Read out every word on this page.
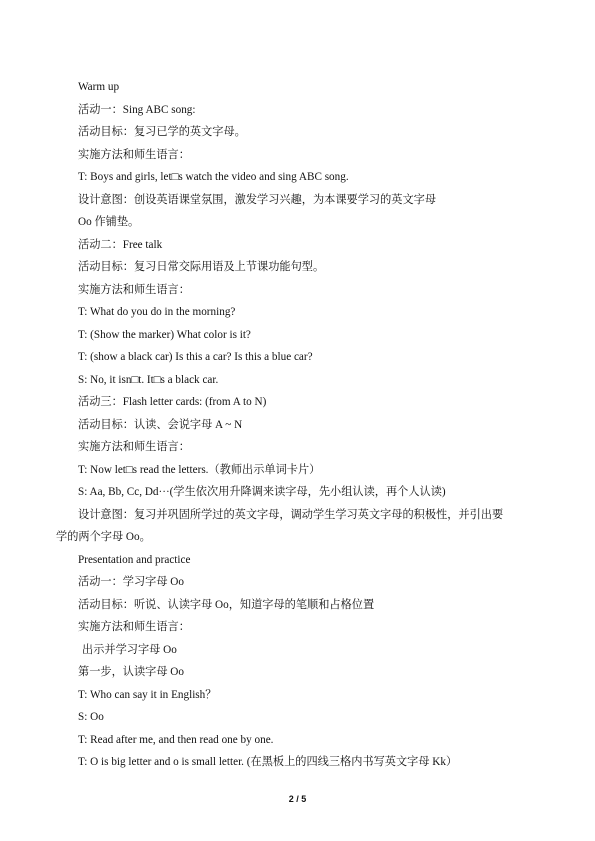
Warm up
活动一：Sing ABC song:
活动目标：复习已学的英文字母。
实施方法和师生语言：
T: Boys and girls, let□s watch the video and sing ABC song.
设计意图：创设英语课堂氛围，激发学习兴趣，为本课要学习的英文字母
Oo 作铺垫。
活动二：Free talk
活动目标：复习日常交际用语及上节课功能句型。
实施方法和师生语言：
T: What do you do in the morning?
T: (Show the marker) What color is it?
T: (show a black car) Is this a car? Is this a blue car?
S: No, it isn□t. It□s a black car.
活动三：Flash letter cards: (from A to N)
活动目标：认读、会说字母 A ~ N
实施方法和师生语言：
T: Now let□s read the letters.（教师出示单词卡片）
S: Aa, Bb, Cc, Dd···(学生依次用升降调来读字母，先小组认读，再个人认读)
设计意图：复习并巩固所学过的英文字母，调动学生学习英文字母的积极性，并引出要
学的两个字母 Oo。
Presentation and practice
活动一：学习字母 Oo
活动目标：听说、认读字母 Oo，知道字母的笔顺和占格位置
实施方法和师生语言：
出示并学习字母 Oo
第一步，认读字母 Oo
T: Who can say it in English？
S: Oo
T: Read after me, and then read one by one.
T: O is big letter and o is small letter. (在黑板上的四线三格内书写英文字母 Kk）
2 / 5
